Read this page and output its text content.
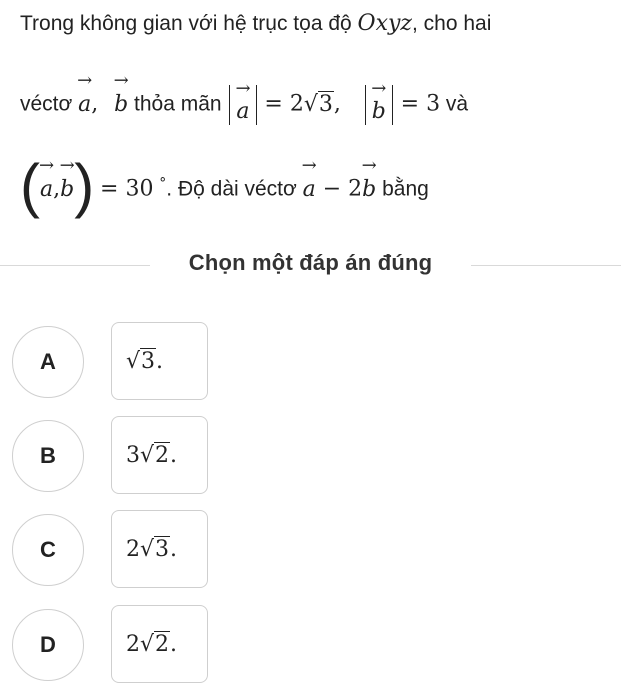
Trong không gian với hệ trục tọa độ Oxyz, cho hai
véctơ
→
a,
→
b thỏa mãn
→
a = 2√3,
→
b = 3 và
( →
a,
→
b) = 30 °. Độ dài véctơ
→
a − 2
→
b bằng
Chọn một đáp án đúng
A	√3.
B	3√2.
C	2√3.
D	2√2.
